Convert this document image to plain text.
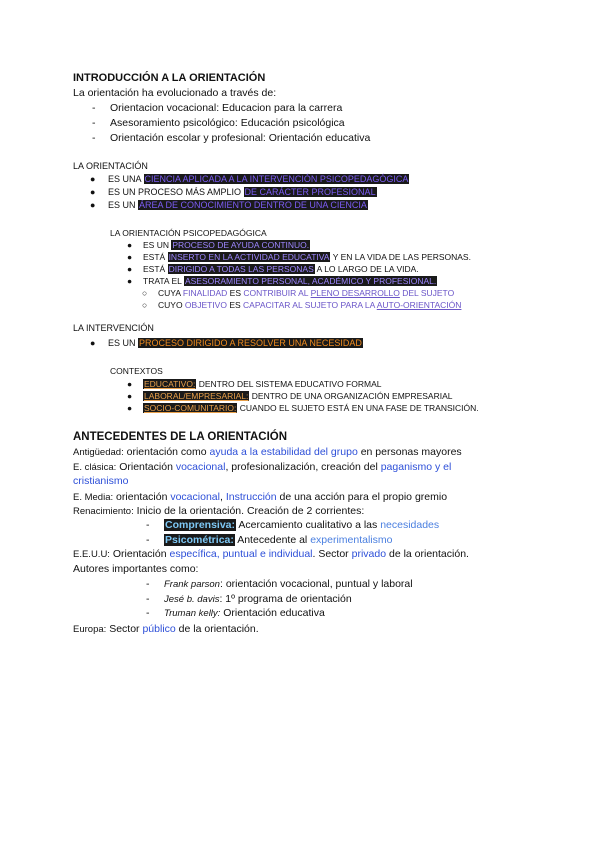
INTRODUCCIÓN A LA ORIENTACIÓN
La orientación ha evolucionado a través de:
- Orientacion vocacional: Educacion para la carrera
- Asesoramiento psicológico: Educación psicológica
- Orientación escolar y profesional: Orientación educativa
LA ORIENTACIÓN
● ES UNA CIENCIA APLICADA A LA INTERVENCIÓN PSICOPEDAGÓGICA
● ES UN PROCESO MÁS AMPLIO DE CARÁCTER PROFESIONAL
● ES UN ÁREA DE CONOCIMIENTO DENTRO DE UNA CIENCIA
LA ORIENTACIÓN PSICOPEDAGÓGICA
● ES UN PROCESO DE AYUDA CONTINUO.
● ESTÁ INSERTO EN LA ACTIVIDAD EDUCATIVA Y EN LA VIDA DE LAS PERSONAS.
● ESTÁ DIRIGIDO A TODAS LAS PERSONAS A LO LARGO DE LA VIDA.
● TRATA EL ASESORAMIENTO PERSONAL, ACADÉMICO Y PROFESIONAL.
○ CUYA FINALIDAD ES CONTRIBUIR AL PLENO DESARROLLO DEL SUJETO
○ CUYO OBJETIVO ES CAPACITAR AL SUJETO PARA LA AUTO-ORIENTACIÓN
LA INTERVENCIÓN
● ES UN PROCESO DIRIGIDO A RESOLVER UNA NECESIDAD
CONTEXTOS
● EDUCATIVO: DENTRO DEL SISTEMA EDUCATIVO FORMAL
● LABORAL/EMPRESARIAL: DENTRO DE UNA ORGANIZACIÓN EMPRESARIAL
● SOCIO-COMUNITARIO: CUANDO EL SUJETO ESTÁ EN UNA FASE DE TRANSICIÓN.
ANTECEDENTES DE LA ORIENTACIÓN
Antigüedad: orientación como ayuda a la estabilidad del grupo en personas mayores
E. clásica: Orientación vocacional, profesionalización, creación del paganismo y el
cristianismo
E. Media: orientación vocacional, Instrucción de una acción para el propio gremio
Renacimiento: Inicio de la orientación. Creación de 2 corrientes:
- Comprensiva: Acercamiento cualitativo a las necesidades
- Psicométrica: Antecedente al experimentalismo
E.E.U.U: Orientación específica, puntual e individual. Sector privado de la orientación.
Autores importantes como:
- Frank parson: orientación vocacional, puntual y laboral
- Jesé b. davis: 1º programa de orientación
- Truman kelly: Orientación educativa
Europa: Sector público de la orientación.
